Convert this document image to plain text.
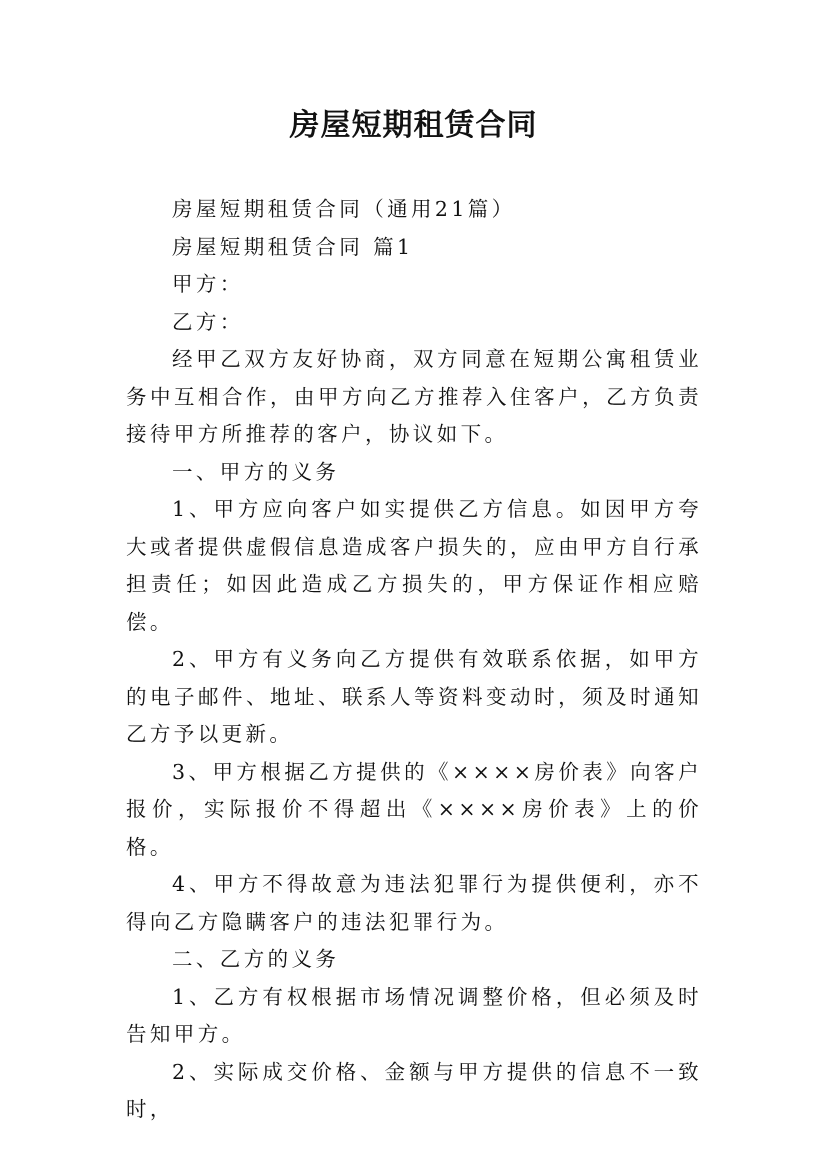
房屋短期租赁合同

房屋短期租赁合同（通用21篇）

房屋短期租赁合同 篇1

甲方：

乙方：

经甲乙双方友好协商，双方同意在短期公寓租赁业务中互相合作，由甲方向乙方推荐入住客户，乙方负责接待甲方所推荐的客户，协议如下。

一、甲方的义务

1、甲方应向客户如实提供乙方信息。如因甲方夸大或者提供虚假信息造成客户损失的，应由甲方自行承担责任；如因此造成乙方损失的，甲方保证作相应赔偿。

2、甲方有义务向乙方提供有效联系依据，如甲方的电子邮件、地址、联系人等资料变动时，须及时通知乙方予以更新。

3、甲方根据乙方提供的《××××房价表》向客户报价，实际报价不得超出《××××房价表》上的价格。

4、甲方不得故意为违法犯罪行为提供便利，亦不得向乙方隐瞒客户的违法犯罪行为。

二、乙方的义务

1、乙方有权根据市场情况调整价格，但必须及时告知甲方。

2、实际成交价格、金额与甲方提供的信息不一致时，
